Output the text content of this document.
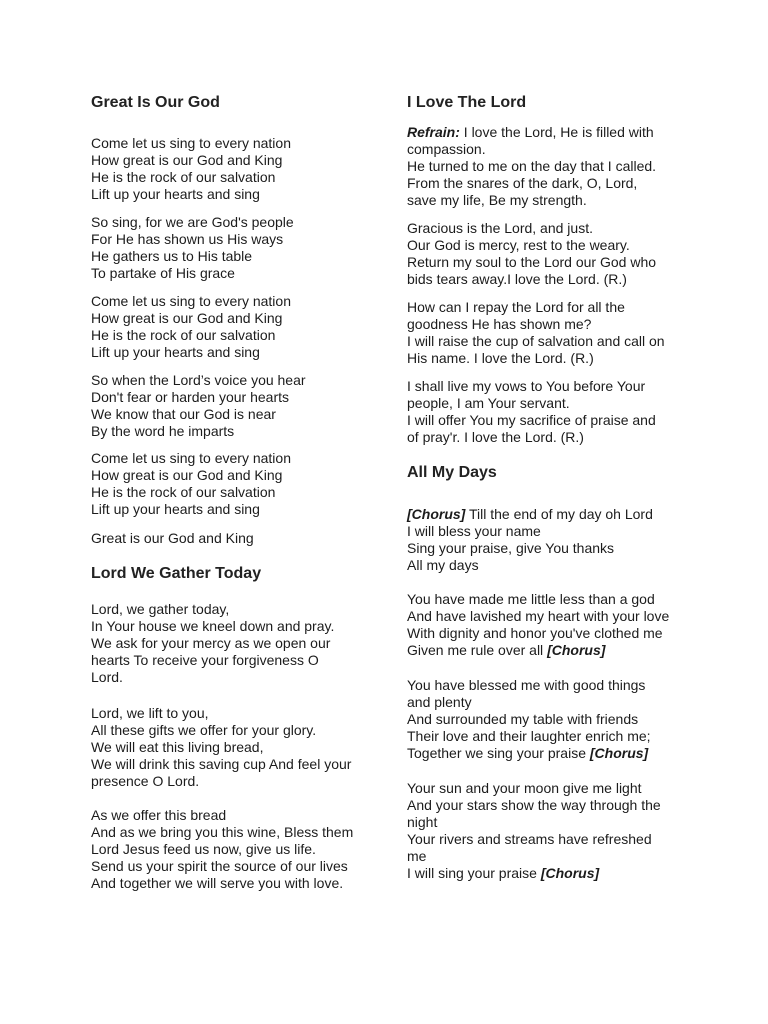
Great Is Our God
Come let us sing to every nation
How great is our God and King
He is the rock of our salvation
Lift up your hearts and sing
So sing, for we are God's people
For He has shown us His ways
He gathers us to His table
To partake of His grace
Come let us sing to every nation
How great is our God and King
He is the rock of our salvation
Lift up your hearts and sing
So when the Lord’s voice you hear
Don't fear or harden your hearts
We know that our God is near
By the word he imparts
Come let us sing to every nation
How great is our God and King
He is the rock of our salvation
Lift up your hearts and sing
Great is our God and King
Lord We Gather Today
Lord, we gather today,
In Your house we kneel down and pray.
We ask for your mercy as we open our
hearts To receive your forgiveness O
Lord.
Lord, we lift to you,
All these gifts we offer for your glory.
We will eat this living bread,
We will drink this saving cup And feel your
presence O Lord.
As we offer this bread
And as we bring you this wine, Bless them
Lord Jesus feed us now, give us life.
Send us your spirit the source of our lives
And together we will serve you with love.
I Love The Lord
Refrain: I love the Lord, He is filled with
compassion.
He turned to me on the day that I called.
From the snares of the dark, O, Lord,
save my life, Be my strength.
Gracious is the Lord, and just.
Our God is mercy, rest to the weary.
Return my soul to the Lord our God who
bids tears away.I love the Lord. (R.)
How can I repay the Lord for all the
goodness He has shown me?
I will raise the cup of salvation and call on
His name. I love the Lord. (R.)
I shall live my vows to You before Your
people, I am Your servant.
I will offer You my sacrifice of praise and
of pray'r. I love the Lord. (R.)
All My Days
[Chorus] Till the end of my day oh Lord
I will bless your name
Sing your praise, give You thanks
All my days
You have made me little less than a god
And have lavished my heart with your love
With dignity and honor you've clothed me
Given me rule over all [Chorus]
You have blessed me with good things
and plenty
And surrounded my table with friends
Their love and their laughter enrich me;
Together we sing your praise [Chorus]
Your sun and your moon give me light
And your stars show the way through the
night
Your rivers and streams have refreshed
me
I will sing your praise [Chorus]
